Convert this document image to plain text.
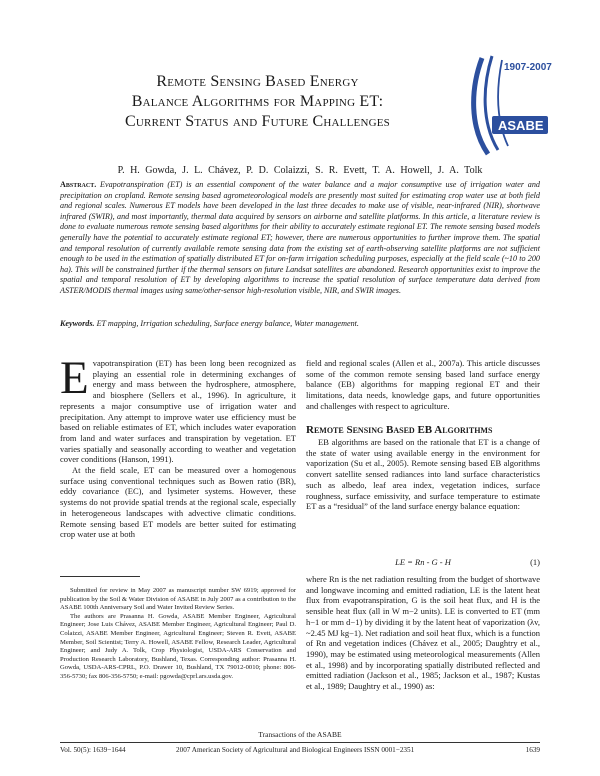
Remote Sensing Based Energy
Balance Algorithms for Mapping ET:
Current Status and Future Challenges
1907-2007
ASABE
P. H. Gowda, J. L. Chávez, P. D. Colaizzi, S. R. Evett, T. A. Howell, J. A. Tolk
Abstract. Evapotranspiration (ET) is an essential component of the water balance and a major consumptive use of irrigation water and precipitation on cropland. Remote sensing based agrometeorological models are presently most suited for estimating crop water use at both field and regional scales. Numerous ET models have been developed in the last three decades to make use of visible, near-infrared (NIR), shortwave infrared (SWIR), and most importantly, thermal data acquired by sensors on airborne and satellite platforms. In this article, a literature review is done to evaluate numerous remote sensing based algorithms for their ability to accurately estimate regional ET. The remote sensing based models generally have the potential to accurately estimate regional ET; however, there are numerous opportunities to further improve them. The spatial and temporal resolution of currently available remote sensing data from the existing set of earth-observing satellite platforms are not sufficient enough to be used in the estimation of spatially distributed ET for on-farm irrigation scheduling purposes, especially at the field scale (~10 to 200 ha). This will be constrained further if the thermal sensors on future Landsat satellites are abandoned. Research opportunities exist to improve the spatial and temporal resolution of ET by developing algorithms to increase the spatial resolution of surface temperature data derived from ASTER/MODIS thermal images using same/other-sensor high-resolution visible, NIR, and SWIR images.
Keywords. ET mapping, Irrigation scheduling, Surface energy balance, Water management.
E vapotranspiration (ET) has been long been recognized as playing an essential role in determining exchanges of energy and mass between the hydrosphere, atmosphere, and biosphere (Sellers et al., 1996). In agriculture, it represents a major consumptive use of irrigation water and precipitation. Any attempt to improve water use efficiency must be based on reliable estimates of ET, which includes water evaporation from land and water surfaces and transpiration by vegetation. ET varies spatially and seasonally according to weather and vegetation cover conditions (Hanson, 1991).

At the field scale, ET can be measured over a homogenous surface using conventional techniques such as Bowen ratio (BR), eddy covariance (EC), and lysimeter systems. However, these systems do not provide spatial trends at the regional scale, especially in heterogeneous landscapes with advective climatic conditions. Remote sensing based ET models are better suited for estimating crop water use at both

field and regional scales (Allen et al., 2007a). This article discusses some of the common remote sensing based land surface energy balance (EB) algorithms for mapping regional ET and their limitations, data needs, knowledge gaps, and future opportunities and challenges with respect to agriculture.

Remote Sensing Based EB Algorithms

EB algorithms are based on the rationale that ET is a change of the state of water using available energy in the environment for vaporization (Su et al., 2005). Remote sensing based EB algorithms convert satellite sensed radiances into land surface characteristics such as albedo, leaf area index, vegetation indices, surface roughness, surface emissivity, and surface temperature to estimate ET as a “residual” of the land surface energy balance equation:

LE = Rn - G - H	(1)

where Rn is the net radiation resulting from the budget of shortwave and longwave incoming and emitted radiation, LE is the latent heat flux from evapotranspiration, G is the soil heat flux, and H is the sensible heat flux (all in W m−2 units). LE is converted to ET (mm h−1 or mm d−1) by dividing it by the latent heat of vaporization (λv, ~2.45 MJ kg−1). Net radiation and soil heat flux, which is a function of Rn and vegetation indices (Chávez et al., 2005; Daughtry et al., 1990), may be estimated using meteorological measurements (Allen et al., 1998) and by incorporating spatially distributed reflected and emitted radiation (Jackson et al., 1985; Jackson et al., 1987; Kustas et al., 1989; Daughtry et al., 1990) as:

Submitted for review in May 2007 as manuscript number SW 6919; approved for publication by the Soil & Water Division of ASABE in July 2007 as a contribution to the ASABE 100th Anniversary Soil and Water Invited Review Series.

The authors are Prasanna H. Gowda, ASABE Member Engineer, Agricultural Engineer; Jose Luis Chávez, ASABE Member Engineer, Agricultural Engineer; Paul D. Colaizzi, ASABE Member Engineer, Agricultural Engineer; Steven R. Evett, ASABE Member, Soil Scientist; Terry A. Howell, ASABE Fellow, Research Leader, Agricultural Engineer; and Judy A. Tolk, Crop Physiologist, USDA-ARS Conservation and Production Research Laboratory, Bushland, Texas. Corresponding author: Prasanna H. Gowda, USDA-ARS-CPRL, P.O. Drawer 10, Bushland, TX 79012-0010; phone: 806-356-5730; fax 806-356-5750; e-mail: pgowda@cprl.ars.usda.gov.

Transactions of the ASABE
Vol. 50(5): 1639−1644	2007 American Society of Agricultural and Biological Engineers ISSN 0001−2351	1639
